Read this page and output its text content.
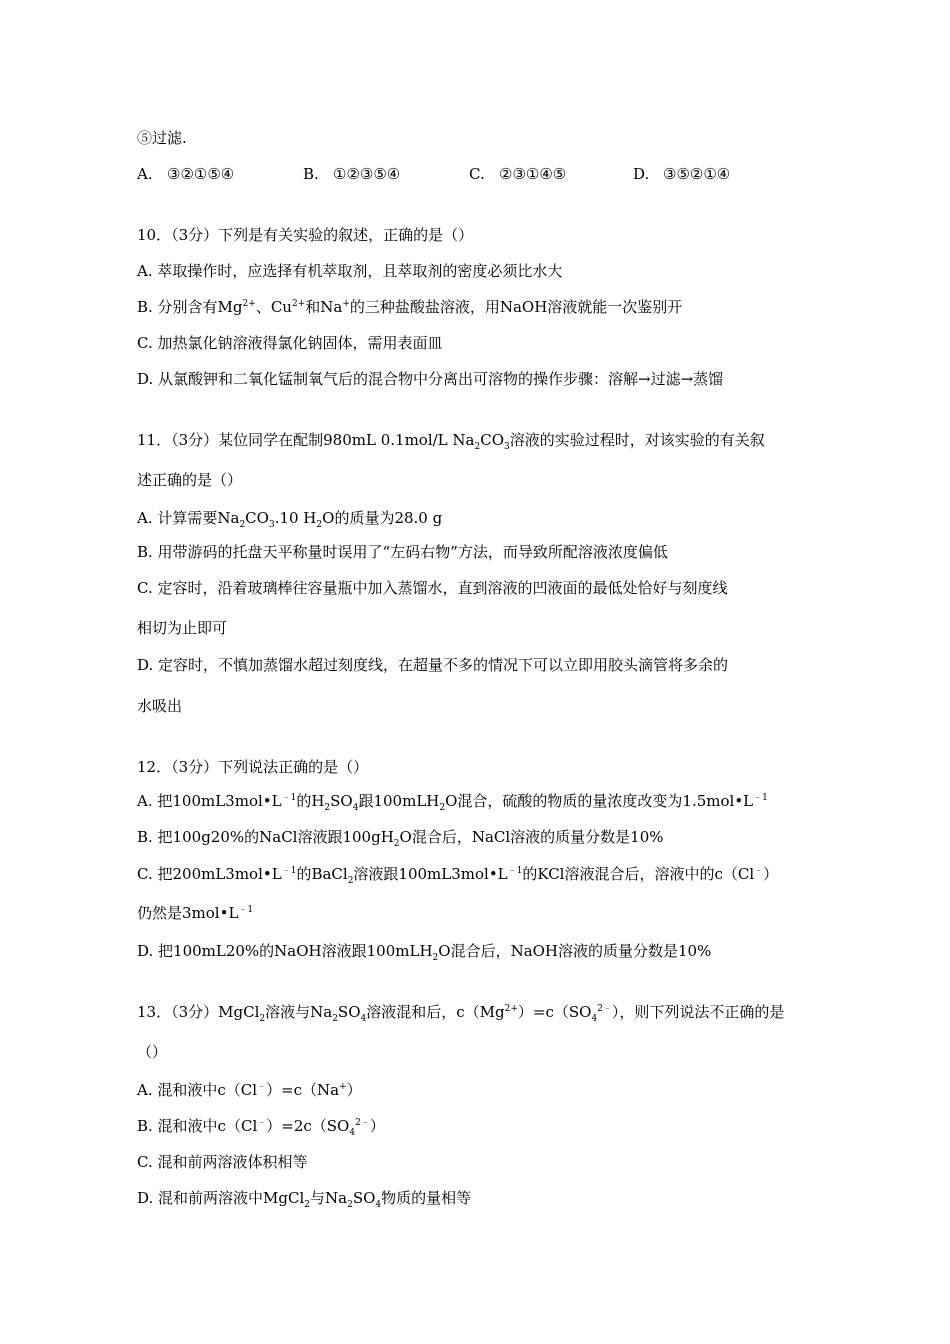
⑤过滤.
A. ③②①⑤④	B. ①②③⑤④	C. ②③①④⑤	D. ③⑤②①④
10．（3分）下列是有关实验的叙述，正确的是（）
A. 萃取操作时，应选择有机萃取剂，且萃取剂的密度必须比水大
B. 分别含有$Mg^{2+}$、$Cu^{2+}$和Na+的三种盐酸盐溶液，用NaOH溶液就能一次鉴别开
C. 加热氯化钠溶液得氯化钠固体，需用表面皿
D. 从氯酸钾和二氧化锰制氧气后的混合物中分离出可溶物的操作步骤：溶解→过滤→蒸馏
11．（3分）某位同学在配制980mL 0.1mol/L $Na_2CO_3$溶液的实验过程时，对该实验的有关叙
述正确的是（）
A. 计算需要$Na_2CO_3.10$ $H_2O$的质量为28.0 g
B. 用带游码的托盘天平称量时误用了“左码右物”方法，而导致所配溶液浓度偏低
C. 定容时，沿着玻璃棒往容量瓶中加入蒸馏水，直到溶液的凹液面的最低处恰好与刻度线
相切为止即可
D. 定容时，不慎加蒸馏水超过刻度线，在超量不多的情况下可以立即用胶头滴管将多余的
水吸出
12．（3分）下列说法正确的是（）
A. 把$100mL3mol•L^{﹣1}$的$H_2SO_4$跟100mLH$_2$O混合，硫酸的物质的量浓度改变为$1.5mol•L^{﹣1}$
B. 把100g20%的NaCl溶液跟$100gH_2O$混合后，NaCl溶液的质量分数是10%
C. 把$200mL3mol•L^{﹣1}$的BaCl$_2$溶液跟$100mL3mol•L^{﹣1}$的KCl溶液混合后，溶液中的c（Cl﹣）
仍然是$3mol•L^{﹣1}$
D. 把100mL20%的NaOH溶液跟100mLH$_2$O混合后，NaOH溶液的质量分数是10%
13．（3分）MgCl$_2$溶液与$Na_2SO_4$溶液混和后，$c(Mg^{2+})=c(SO_4^{2﹣})$，则下列说法不正确的是
（）
A. 混和液中c（Cl﹣）=c（Na+）
B. 混和液中$c(Cl^﹣)=2c(SO_4^{2﹣})$
C. 混和前两溶液体积相等
D. 混和前两溶液中MgCl$_2$与$Na_2SO_4$物质的量相等
